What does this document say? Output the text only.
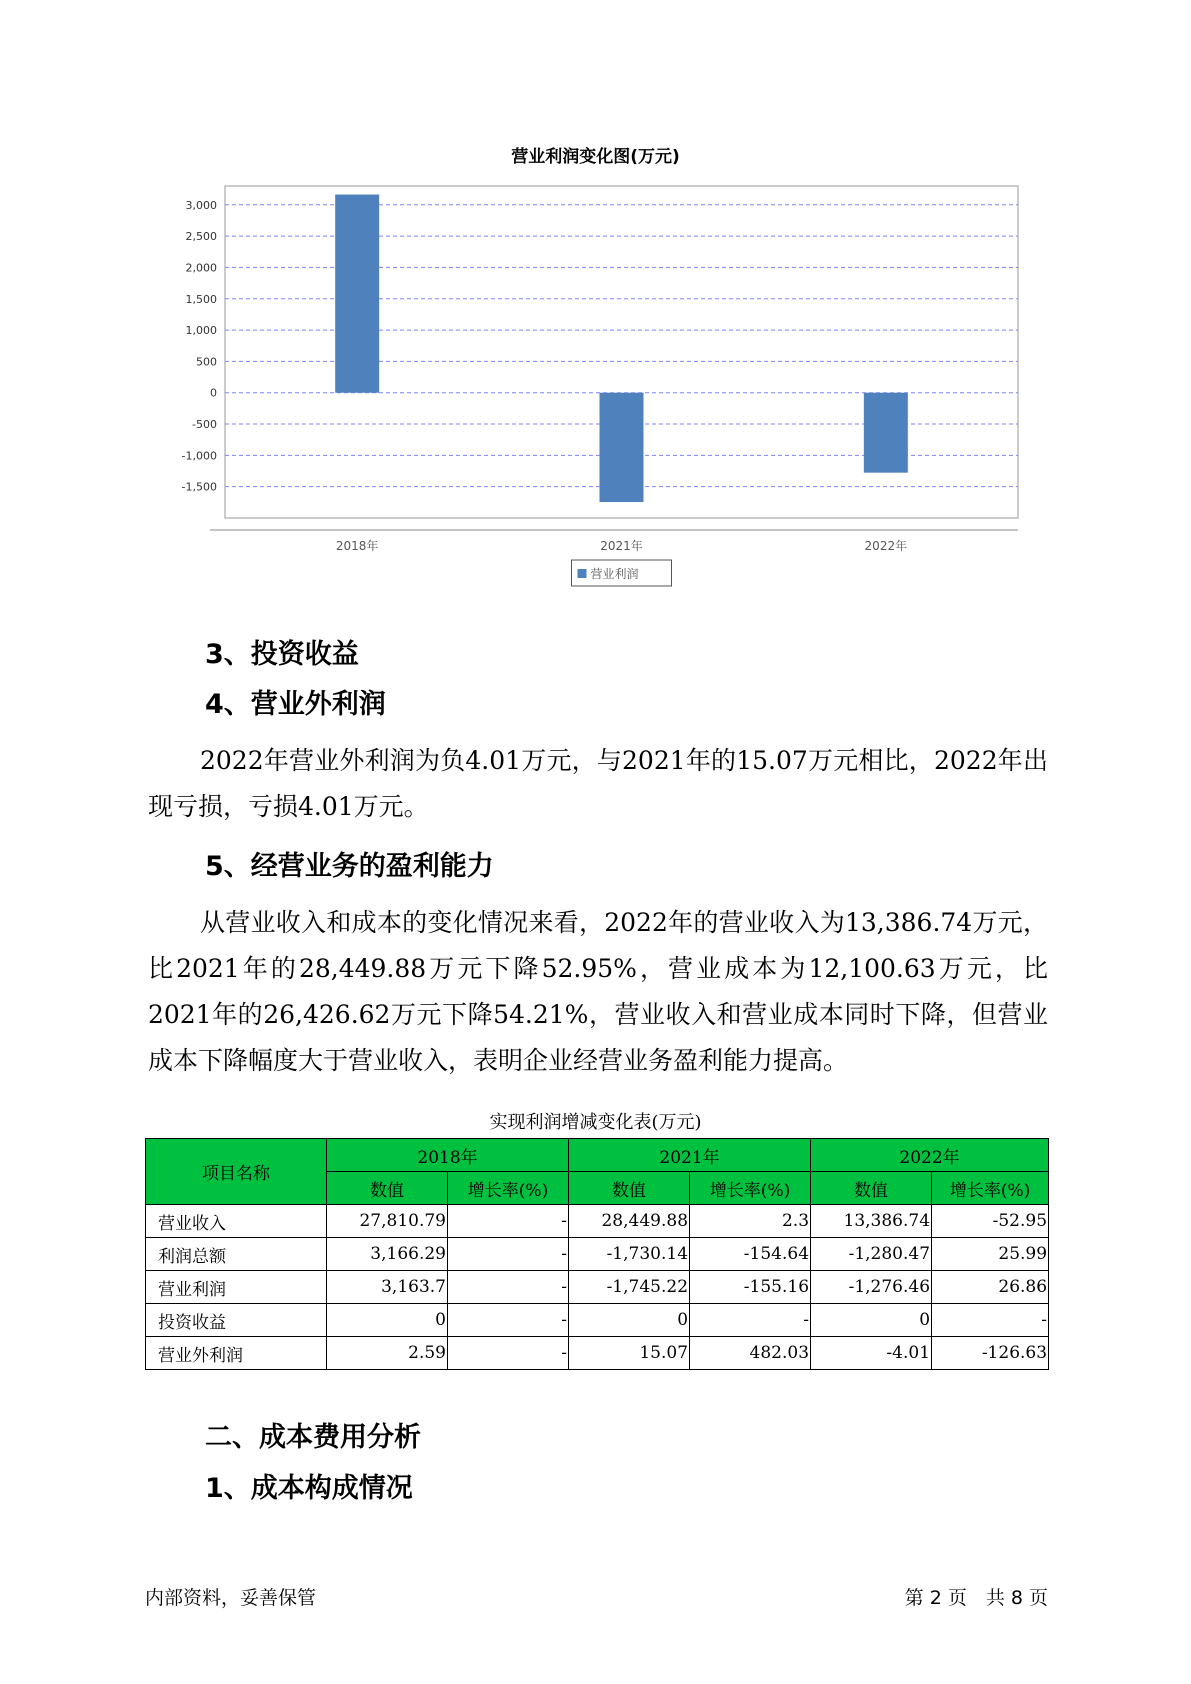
营业利润变化图(万元)
3,000
2,500
2,000
1,500
1,000
500
0
-500
-1,000
-1,500
2018年	2021年	2022年
营业利润
3、投资收益
4、营业外利润
2022年营业外利润为负4.01万元，与2021年的15.07万元相比，2022年出现亏损，亏损4.01万元。
5、经营业务的盈利能力
从营业收入和成本的变化情况来看，2022年的营业收入为13,386.74万元，比2021年的28,449.88万元下降52.95%，营业成本为12,100.63万元，比2021年的26,426.62万元下降54.21%，营业收入和营业成本同时下降，但营业成本下降幅度大于营业收入，表明企业经营业务盈利能力提高。
实现利润增减变化表(万元)
项目名称	2018年		2021年		2022年	
	数值	增长率(%)	数值	增长率(%)	数值	增长率(%)
营业收入	27,810.79	-	28,449.88	2.3	13,386.74	-52.95
利润总额	3,166.29	-	-1,730.14	-154.64	-1,280.47	25.99
营业利润	3,163.7	-	-1,745.22	-155.16	-1,276.46	26.86
投资收益	0	-	0	-	0	-
营业外利润	2.59	-	15.07	482.03	-4.01	-126.63
二、成本费用分析
1、成本构成情况
内部资料，妥善保管	第 2 页　共 8 页
